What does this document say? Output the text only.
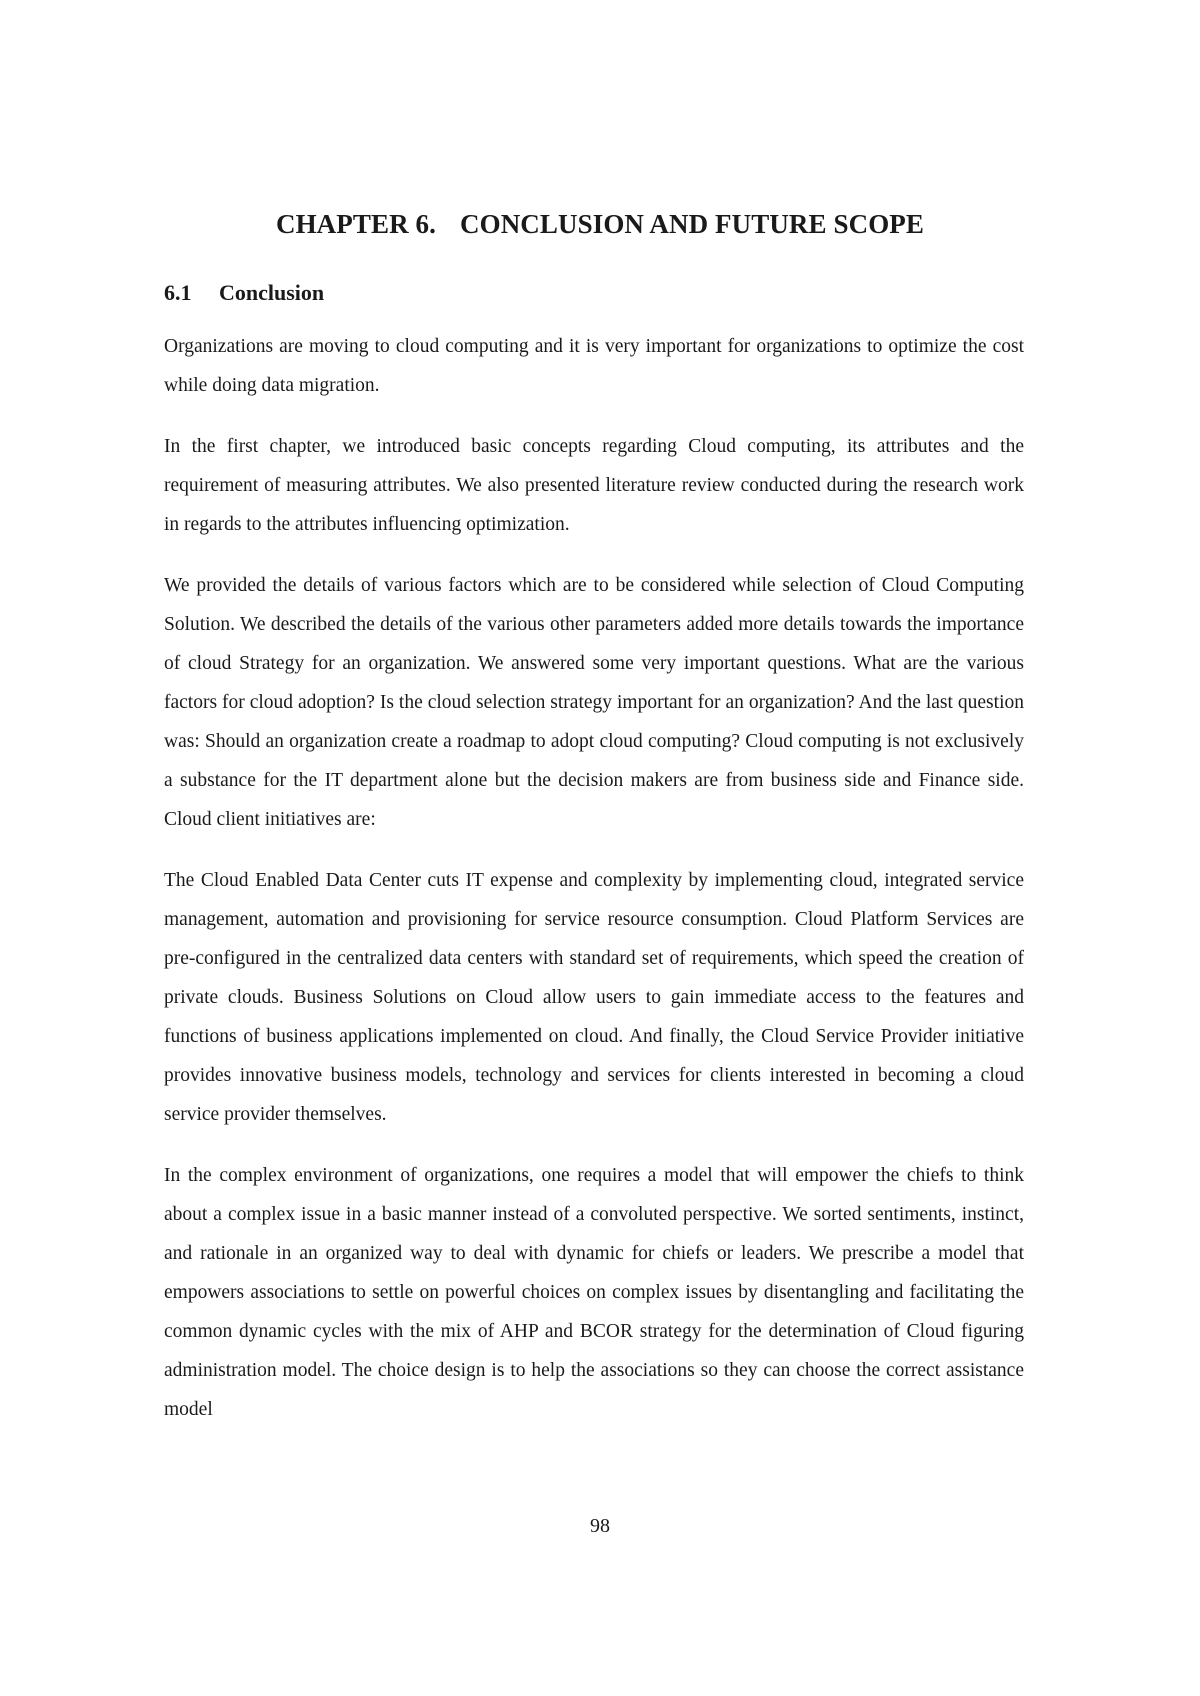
CHAPTER 6. CONCLUSION AND FUTURE SCOPE
6.1 Conclusion

Organizations are moving to cloud computing and it is very important for organizations to optimize the cost while doing data migration.

In the first chapter, we introduced basic concepts regarding Cloud computing, its attributes and the requirement of measuring attributes. We also presented literature review conducted during the research work in regards to the attributes influencing optimization.

We provided the details of various factors which are to be considered while selection of Cloud Computing Solution. We described the details of the various other parameters added more details towards the importance of cloud Strategy for an organization. We answered some very important questions. What are the various factors for cloud adoption? Is the cloud selection strategy important for an organization? And the last question was: Should an organization create a roadmap to adopt cloud computing? Cloud computing is not exclusively a substance for the IT department alone but the decision makers are from business side and Finance side. Cloud client initiatives are:

The Cloud Enabled Data Center cuts IT expense and complexity by implementing cloud, integrated service management, automation and provisioning for service resource consumption. Cloud Platform Services are pre-configured in the centralized data centers with standard set of requirements, which speed the creation of private clouds. Business Solutions on Cloud allow users to gain immediate access to the features and functions of business applications implemented on cloud. And finally, the Cloud Service Provider initiative provides innovative business models, technology and services for clients interested in becoming a cloud service provider themselves.

In the complex environment of organizations, one requires a model that will empower the chiefs to think about a complex issue in a basic manner instead of a convoluted perspective. We sorted sentiments, instinct, and rationale in an organized way to deal with dynamic for chiefs or leaders. We prescribe a model that empowers associations to settle on powerful choices on complex issues by disentangling and facilitating the common dynamic cycles with the mix of AHP and BCOR strategy for the determination of Cloud figuring administration model. The choice design is to help the associations so they can choose the correct assistance model

98
